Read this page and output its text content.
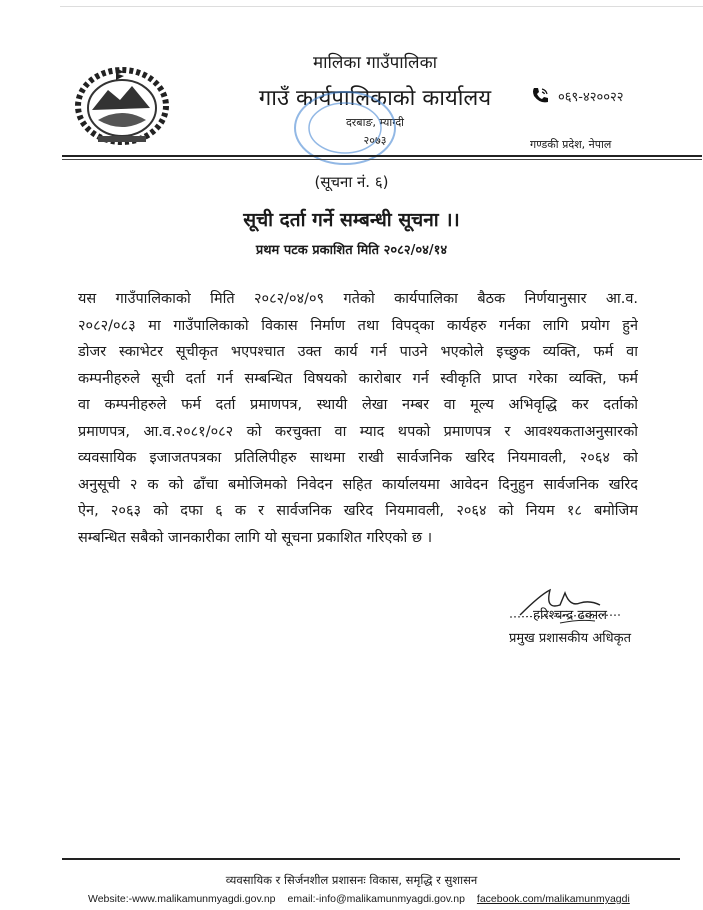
मालिका गाउँपालिका
गाउँ कार्यपालिकाको कार्यालय
दरबाङ, म्याग्दी
२०७३
०६९-४२००२२
गण्डकी प्रदेश, नेपाल
(सूचना नं. ६)
सूची दर्ता गर्ने सम्बन्धी सूचना ।।
प्रथम पटक प्रकाशित मिति २०८२/०४/१४
यस गाउँपालिकाको मिति २०८२/०४/०९ गतेको कार्यपालिका बैठक निर्णयानुसार आ.व.
२०८२/०८३ मा गाउँपालिकाको विकास निर्माण तथा विपद्का कार्यहरु गर्नका लागि प्रयोग हुने
डोजर स्काभेटर सूचीकृत भएपश्चात उक्त कार्य गर्न पाउने भएकोले इच्छुक व्यक्ति, फर्म वा
कम्पनीहरुले सूची दर्ता गर्न सम्बन्धित विषयको कारोबार गर्न स्वीकृति प्राप्त गरेका व्यक्ति, फर्म
वा कम्पनीहरुले फर्म दर्ता प्रमाणपत्र, स्थायी लेखा नम्बर वा मूल्य अभिवृद्धि कर दर्ताको
प्रमाणपत्र, आ.व.२०८१/०८२ को करचुक्ता वा म्याद थपको प्रमाणपत्र र आवश्यकताअनुसारको
व्यवसायिक इजाजतपत्रका प्रतिलिपीहरु साथमा राखी सार्वजनिक खरिद नियमावली, २०६४ को
अनुसूची २ क को ढाँचा बमोजिमको निवेदन सहित कार्यालयमा आवेदन दिनुहुन सार्वजनिक खरिद
ऐन, २०६३ को दफा ६ क र सार्वजनिक खरिद नियमावली, २०६४ को नियम १८ बमोजिम
सम्बन्धित सबैको जानकारीका लागि यो सूचना प्रकाशित गरिएको छ ।
हरिश्चन्द्र ढकाल
प्रमुख प्रशासकीय अधिकृत
व्यवसायिक र सिर्जनशील प्रशासनः विकास, समृद्धि र सुशासन
Website:-www.malikamunmyagdi.gov.np email:-info@malikamunmyagdi.gov.np facebook.com/malikamunmyagdi
